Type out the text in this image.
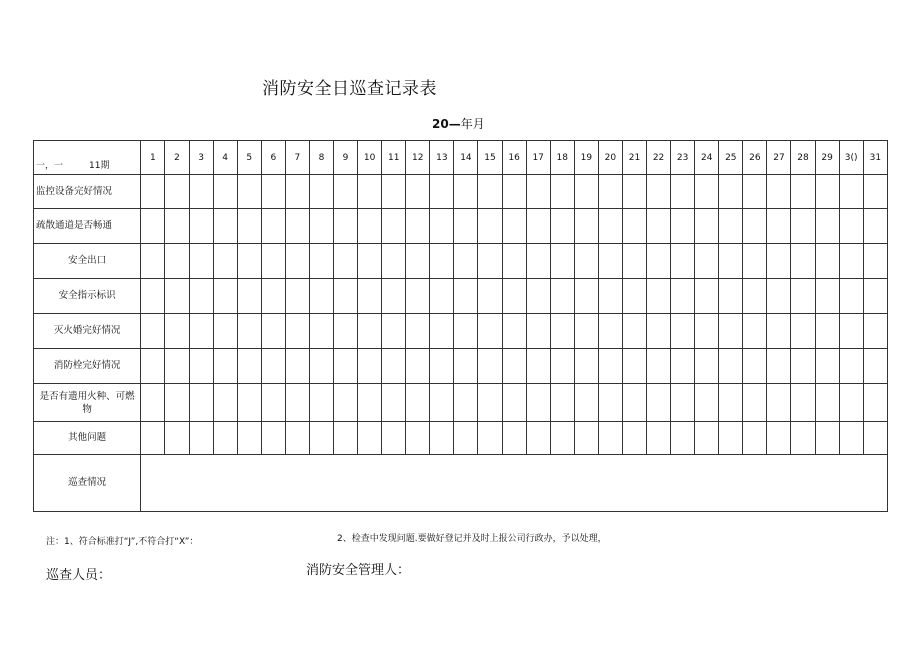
消防安全日巡查记录表
20—年月
一，一 11期	1	2	3	4	5	6	7	8	9	10	11	12	13	14	15	16	17	18	19	20	21	22	23	24	25	26	27	28	29	3()	31
监控设备完好情况																															
疏散通道是否畅通																															
安全出口																															
安全指示标识																															
灭火婚完好情况																															
消防栓完好情况																															
是否有遗用火种、可燃物																															
其他问题																															
巡查情况																															
注：1、符合标准打“J”,不符合打“X”：	2、检查中发现问题.要做好登记并及时上报公司行政办，予以处理，
巡查人员：	消防安全管理人：
